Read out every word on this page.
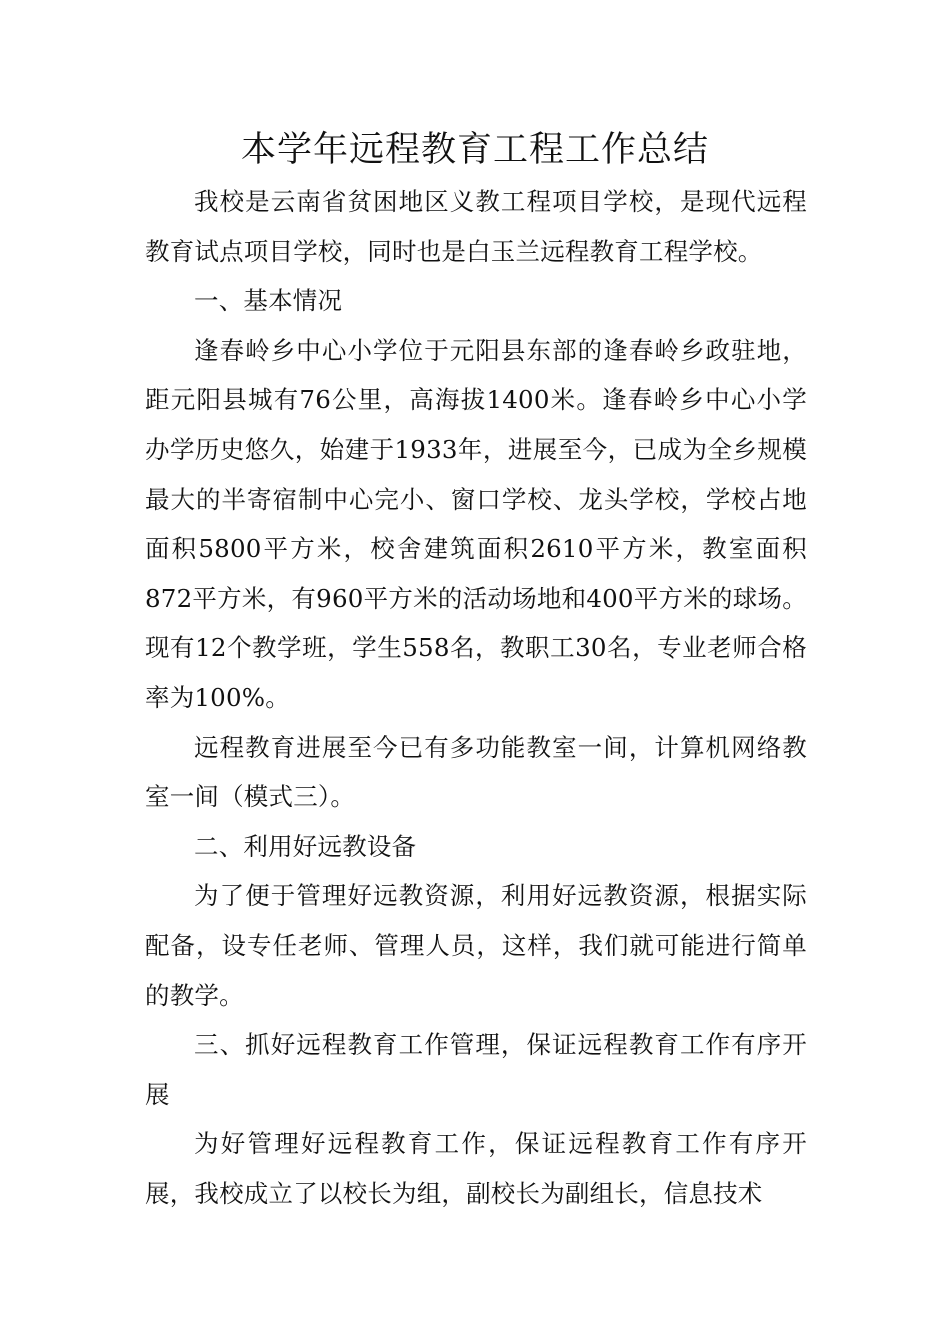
本学年远程教育工程工作总结

我校是云南省贫困地区义教工程项目学校，是现代远程教育试点项目学校，同时也是白玉兰远程教育工程学校。

一、基本情况

逢春岭乡中心小学位于元阳县东部的逢春岭乡政驻地，距元阳县城有76公里，高海拔1400米。逢春岭乡中心小学办学历史悠久，始建于1933年，进展至今，已成为全乡规模最大的半寄宿制中心完小、窗口学校、龙头学校，学校占地面积5800平方米，校舍建筑面积2610平方米，教室面积872平方米，有960平方米的活动场地和400平方米的球场。现有12个教学班，学生558名，教职工30名，专业老师合格率为100%。

远程教育进展至今已有多功能教室一间，计算机网络教室一间（模式三）。

二、利用好远教设备

为了便于管理好远教资源，利用好远教资源，根据实际配备，设专任老师、管理人员，这样，我们就可能进行简单的教学。

三、抓好远程教育工作管理，保证远程教育工作有序开展

为好管理好远程教育工作，保证远程教育工作有序开展，我校成立了以校长为组，副校长为副组长，信息技术
